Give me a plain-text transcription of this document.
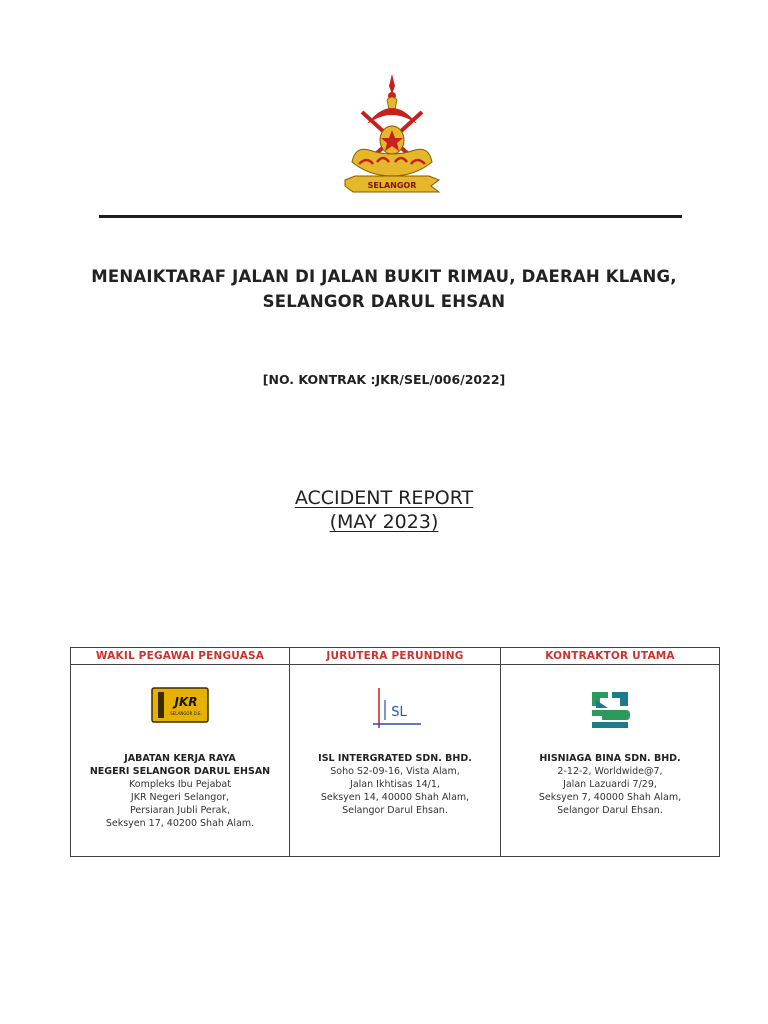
SELANGOR
MENAIKTARAF JALAN DI JALAN BUKIT RIMAU, DAERAH KLANG,
SELANGOR DARUL EHSAN
[NO. KONTRAK :JKR/SEL/006/2022]
ACCIDENT REPORT
(MAY 2023)
WAKIL PEGAWAI PENGUASA
JKR
SELANGOR D.E.
JABATAN KERJA RAYA
NEGERI SELANGOR DARUL EHSAN
Kompleks Ibu Pejabat
JKR Negeri Selangor,
Persiaran Jubli Perak,
Seksyen 17, 40200 Shah Alam.
JURUTERA PERUNDING
SL
ISL INTERGRATED SDN. BHD.
Soho S2-09-16, Vista Alam,
Jalan Ikhtisas 14/1,
Seksyen 14, 40000 Shah Alam,
Selangor Darul Ehsan.
KONTRAKTOR UTAMA
HISNIAGA BINA SDN. BHD.
2-12-2, Worldwide@7,
Jalan Lazuardi 7/29,
Seksyen 7, 40000 Shah Alam,
Selangor Darul Ehsan.
